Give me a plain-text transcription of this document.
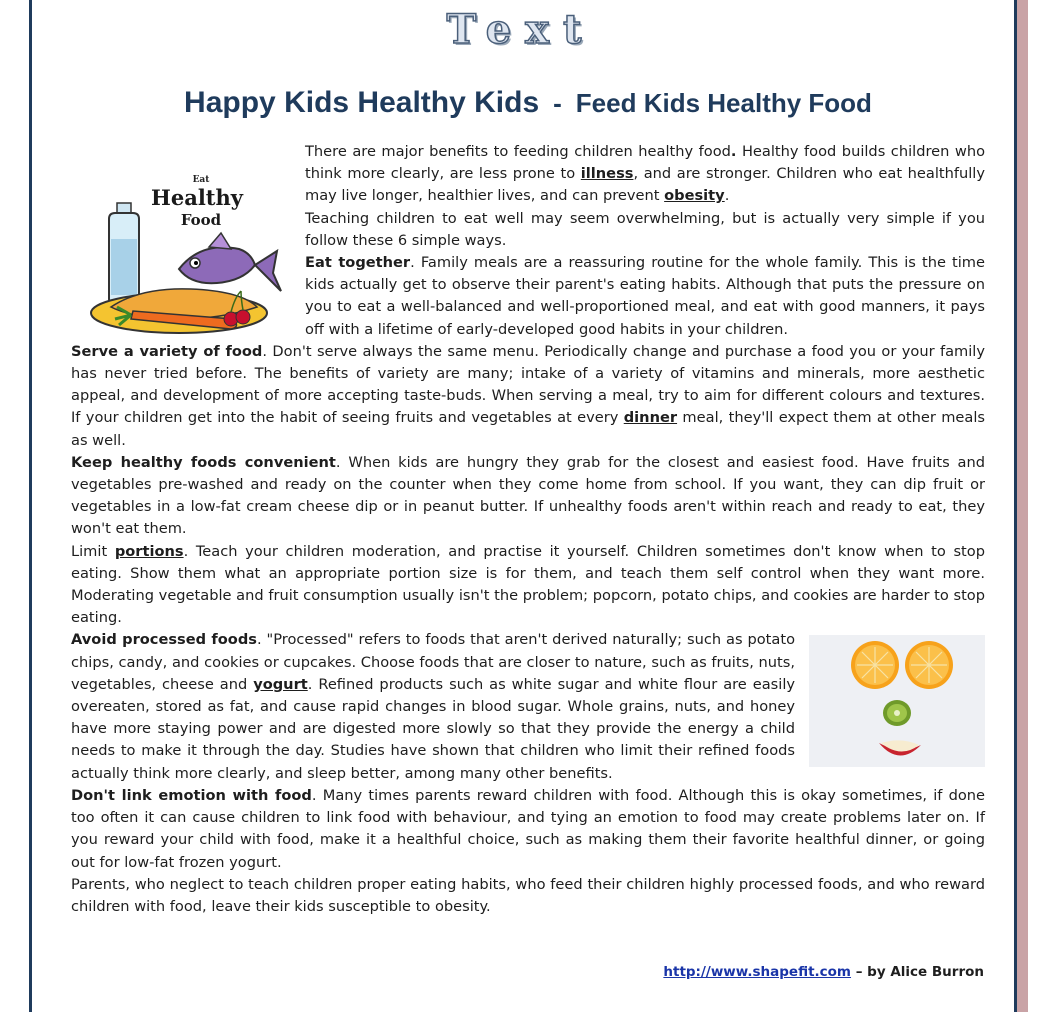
Text
Happy Kids Healthy Kids - Feed Kids Healthy Food

There are major benefits to feeding children healthy food.
Eat
Healthy
Food
Healthy food builds children who think more clearly, are less prone to illness, and are stronger. Children who eat healthfully may live longer, healthier lives, and can prevent obesity.

Teaching children to eat well may seem overwhelming, but is actually very simple if you follow these 6 simple ways.

Eat together. Family meals are a reassuring routine for the whole family. This is the time kids actually get to observe their parent's eating habits. Although that puts the pressure on you to eat a well-balanced and well-proportioned meal, and eat with good manners, it pays off with a lifetime of early-developed good habits in your children.

Serve a variety of food. Don't serve always the same menu. Periodically change and purchase a food you or your family has never tried before. The benefits of variety are many; intake of a variety of vitamins and minerals, more aesthetic appeal, and development of more accepting taste-buds. When serving a meal, try to aim for different colours and textures. If your children get into the habit of seeing fruits and vegetables at every dinner meal, they'll expect them at other meals as well.

Keep healthy foods convenient. When kids are hungry they grab for the closest and easiest food. Have fruits and vegetables pre-washed and ready on the counter when they come home from school. If you want, they can dip fruit or vegetables in a low-fat cream cheese dip or in peanut butter. If unhealthy foods aren't within reach and ready to eat, they won't eat them.

Limit portions. Teach your children moderation, and practise it yourself. Children sometimes don't know when to stop eating. Show them what an appropriate portion size is for them, and teach them self control when they want more. Moderating vegetable and fruit consumption usually isn't the problem; popcorn, potato chips, and cookies are harder to stop eating.

Avoid processed foods. "Processed" refers to foods that aren't derived naturally; such as potato chips, candy, and cookies or cupcakes. Choose foods that are closer to nature, such as fruits, nuts, vegetables, cheese and yogurt. Refined products such as white sugar and white flour are easily overeaten, stored as fat, and cause rapid changes in blood sugar. Whole grains, nuts, and honey have more staying power and are digested more slowly so that they provide the energy a child needs to make it through the day. Studies have shown that children who limit their refined foods actually think more clearly, and sleep better, among many other benefits.

Don't link emotion with food. Many times parents reward children with food. Although this is okay sometimes, if done too often it can cause children to link food with behaviour, and tying an emotion to food may create problems later on. If you reward your child with food, make it a healthful choice, such as making them their favorite healthful dinner, or going out for low-fat frozen yogurt.

Parents, who neglect to teach children proper eating habits, who feed their children highly processed foods, and who reward children with food, leave their kids susceptible to obesity.

http://www.shapefit.com – by Alice Burron
